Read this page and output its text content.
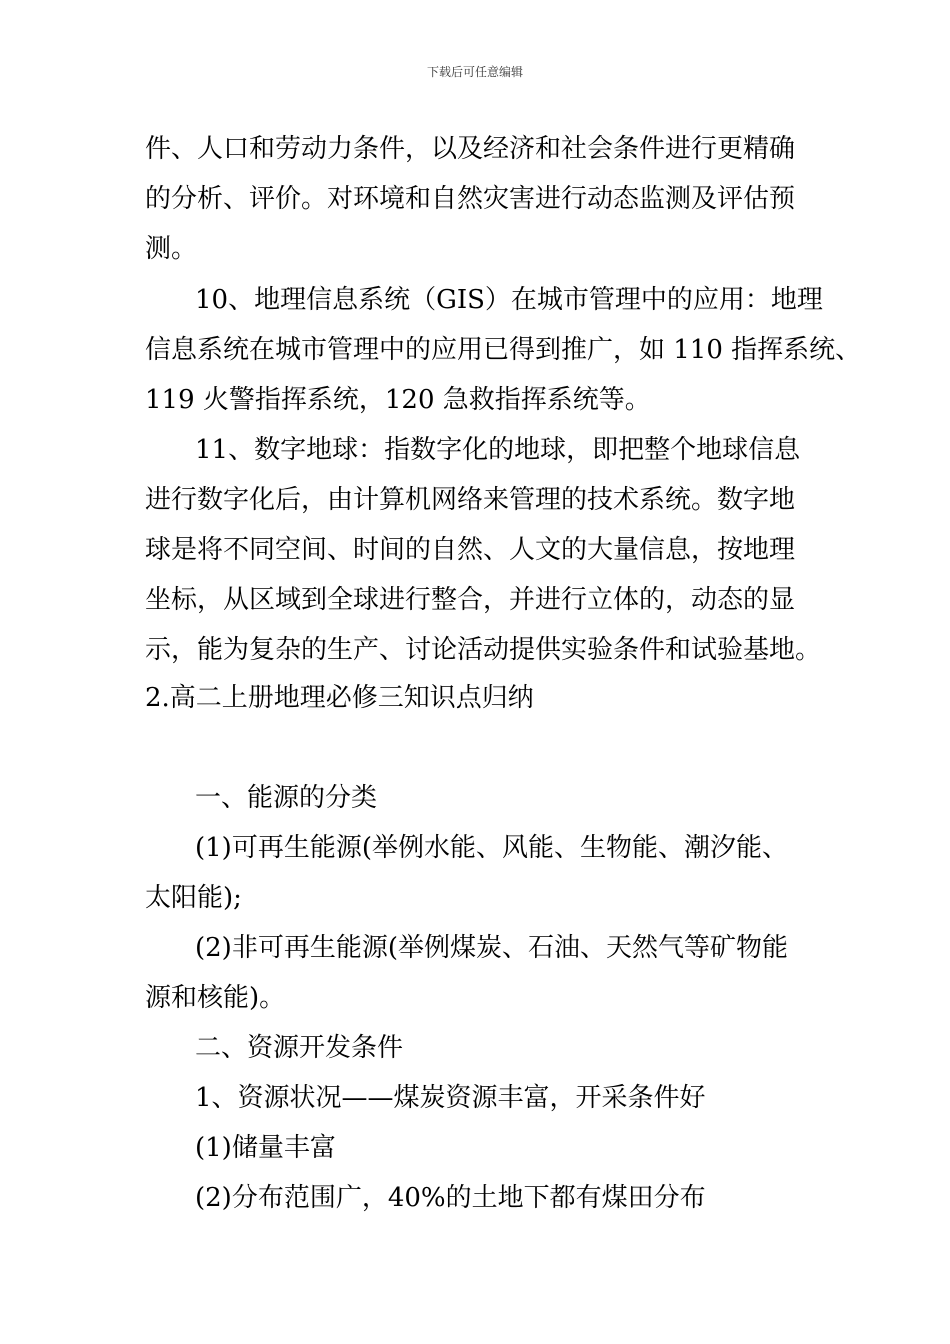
下载后可任意编辑
件、人口和劳动力条件，以及经济和社会条件进行更精确
的分析、评价。对环境和自然灾害进行动态监测及评估预
测。
10、地理信息系统（GIS）在城市管理中的应用：地理
信息系统在城市管理中的应用已得到推广，如 110 指挥系统、
119 火警指挥系统，120 急救指挥系统等。
11、数字地球：指数字化的地球，即把整个地球信息
进行数字化后，由计算机网络来管理的技术系统。数字地
球是将不同空间、时间的自然、人文的大量信息，按地理
坐标，从区域到全球进行整合，并进行立体的，动态的显
示，能为复杂的生产、讨论活动提供实验条件和试验基地。
2.高二上册地理必修三知识点归纳
一、能源的分类
(1)可再生能源(举例水能、风能、生物能、潮汐能、
太阳能);
(2)非可再生能源(举例煤炭、石油、天然气等矿物能
源和核能)。
二、资源开发条件
1、资源状况——煤炭资源丰富，开采条件好
(1)储量丰富
(2)分布范围广，40%的土地下都有煤田分布
